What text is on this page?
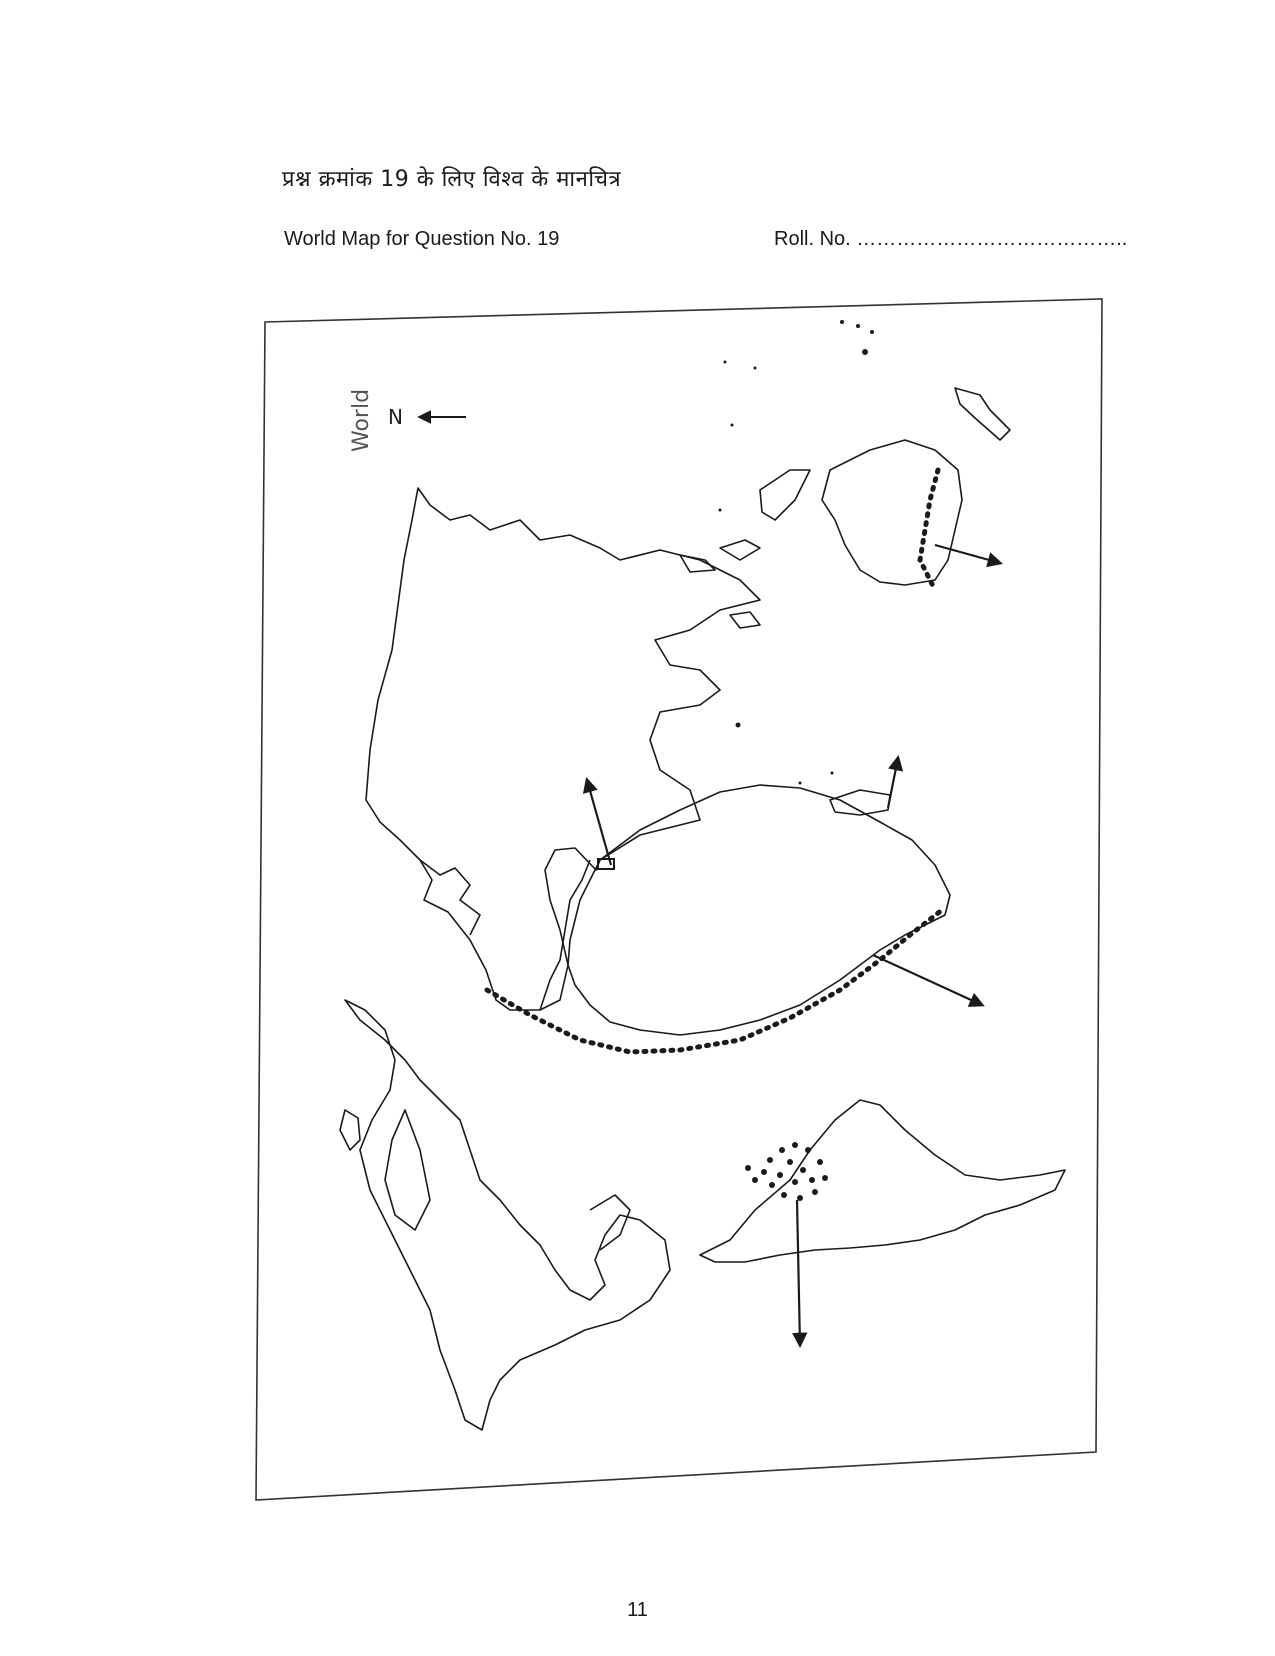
प्रश्न क्रमांक 19 के लिए विश्व के मानचित्र
World Map for Question No. 19	Roll. No. …………………………………..
World N
11
